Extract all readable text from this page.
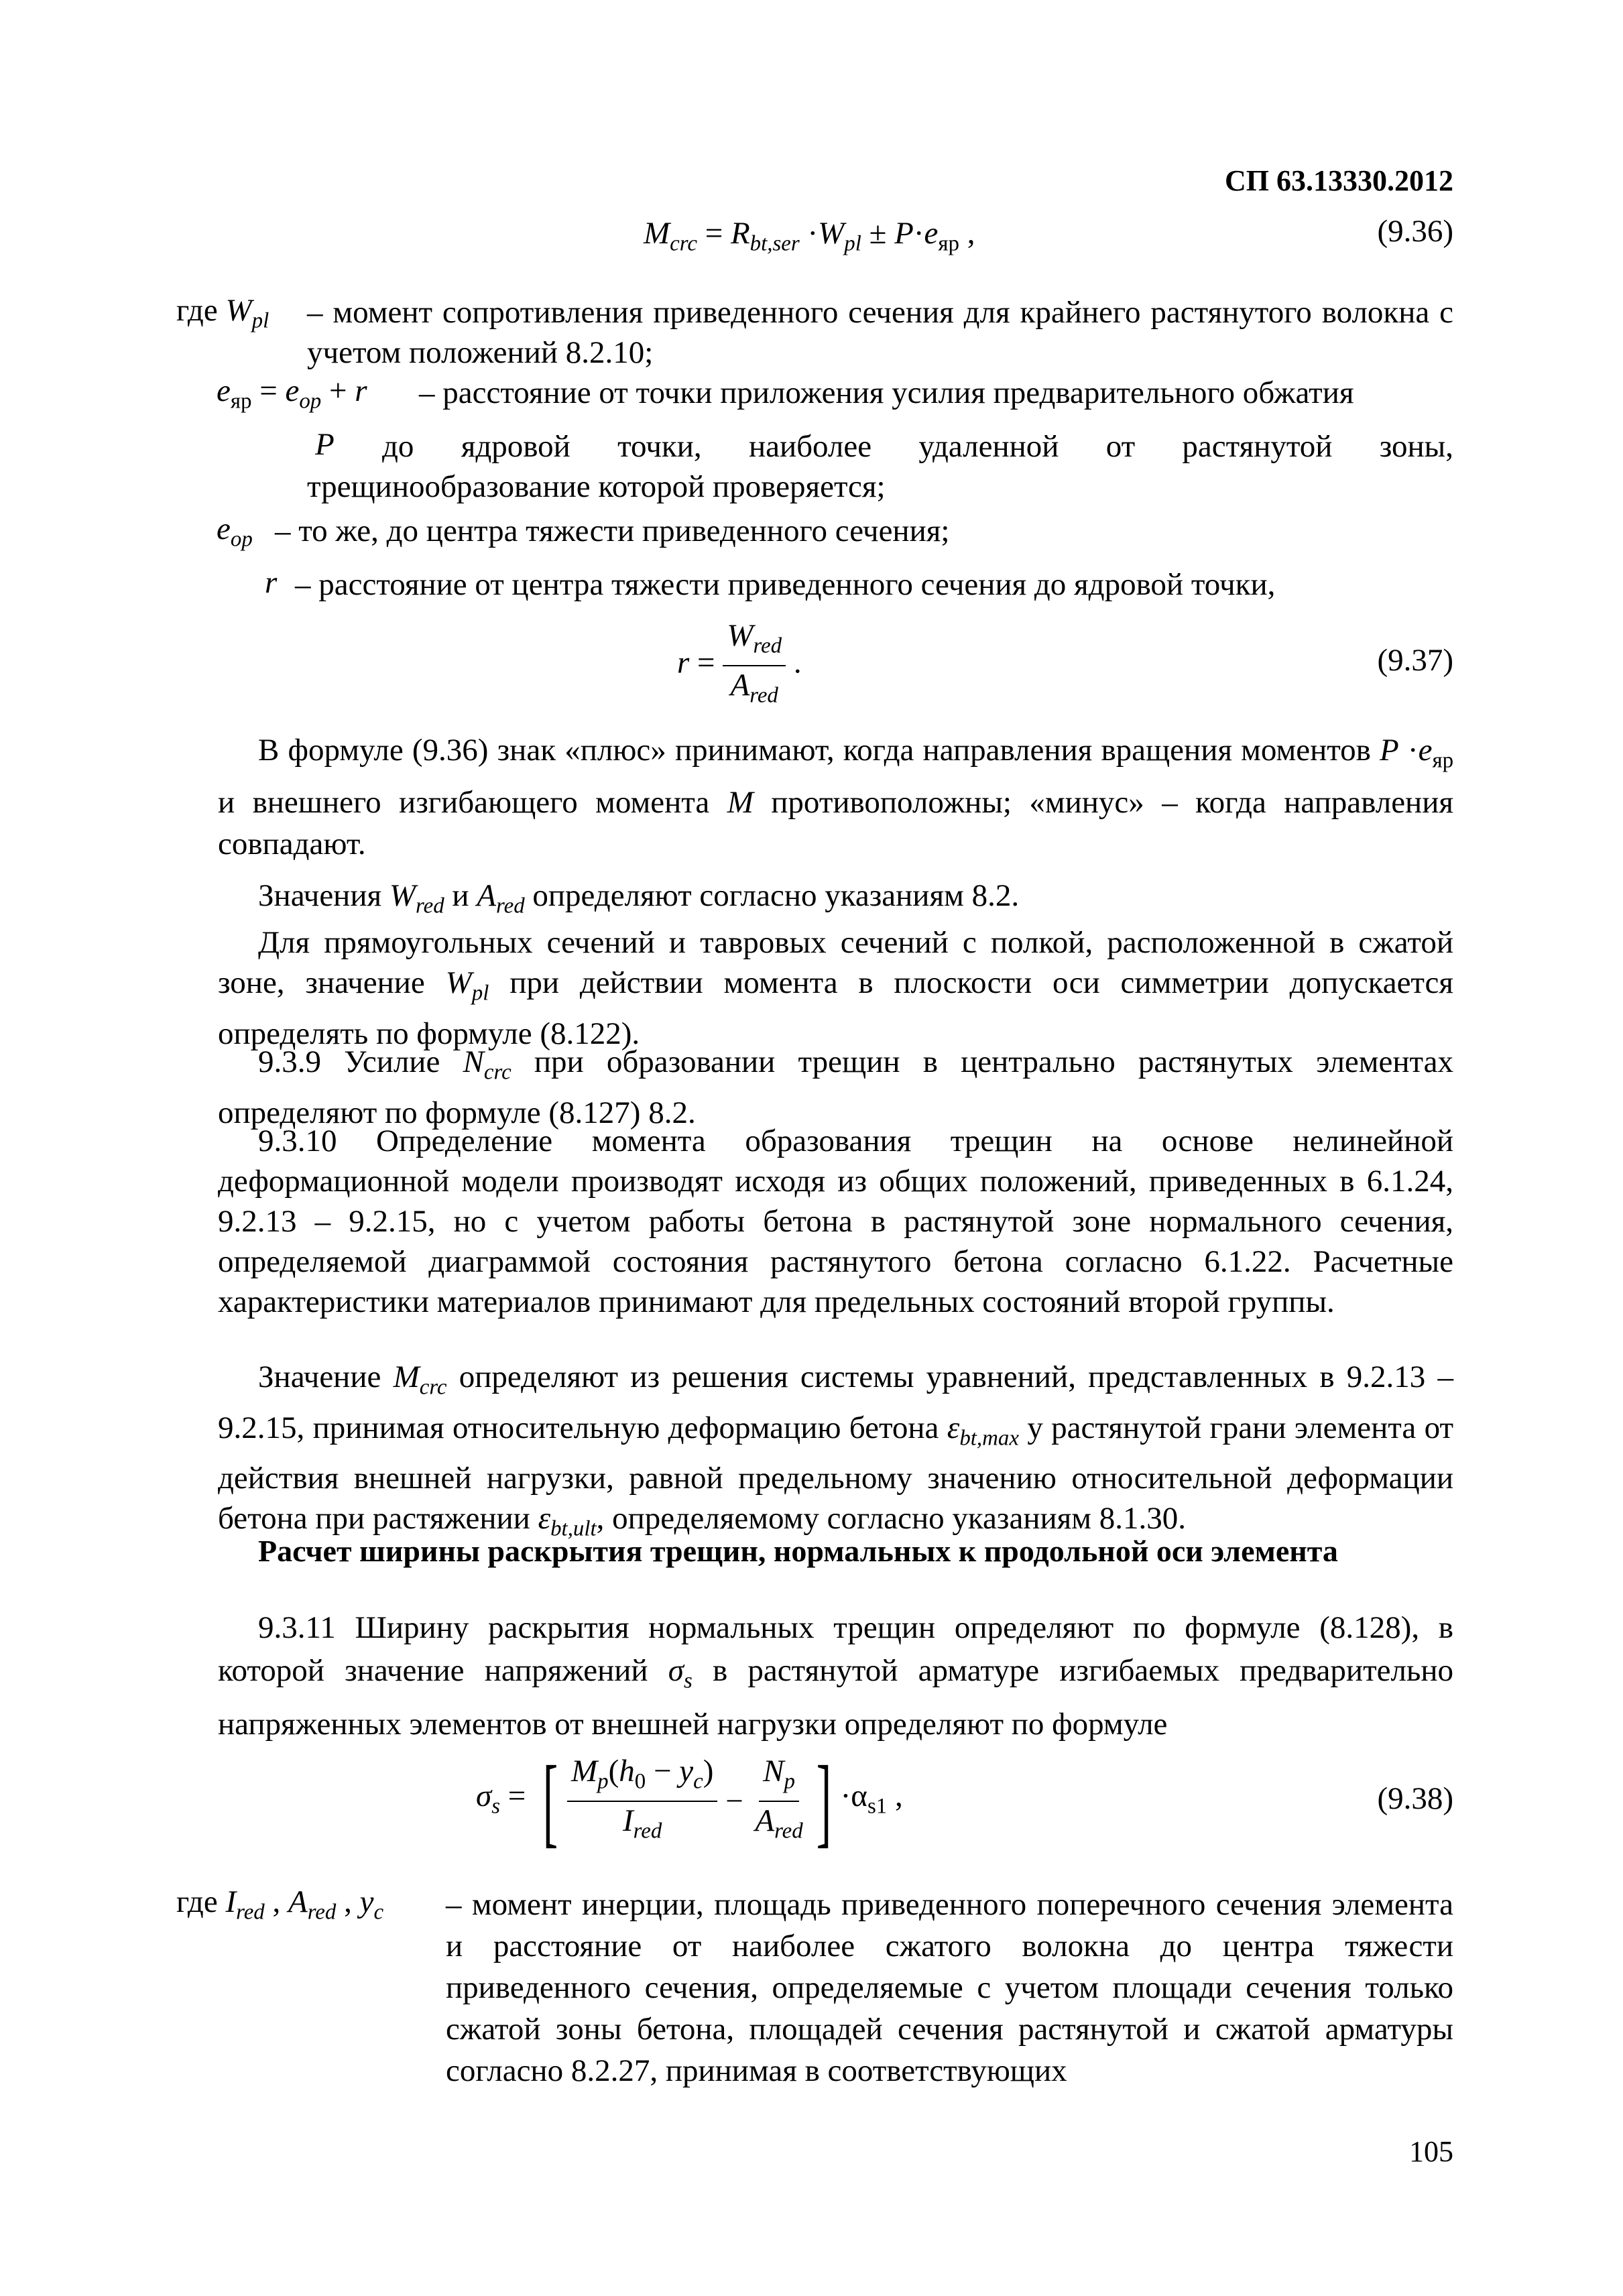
СП 63.13330.2012
$M_{crc} = R_{bt,ser} \cdot W_{pl} \pm P\cdot e_{яр}$ ,	(9.36)
где $W_{pl}$ – момент сопротивления приведенного сечения для крайнего растянутого волокна с учетом положений 8.2.10;
$e_{яр} = e_{op} + r$ – расстояние от точки приложения усилия предварительного обжатия
P	до ядровой точки, наиболее удаленной от растянутой зоны, трещинообразование которой проверяется;
$e_{op}$ – то же, до центра тяжести приведенного сечения;
r – расстояние от центра тяжести приведенного сечения до ядровой точки,
$r = \frac{W_{red}}{A_{red}}$ .	(9.37)
В формуле (9.36) знак «плюс» принимают, когда направления вращения моментов $P \cdot e_{яр}$ и внешнего изгибающего момента M противоположны; «минус» – когда направления совпадают.
Значения $W_{red}$ и $A_{red}$ определяют согласно указаниям 8.2.
Для прямоугольных сечений и тавровых сечений с полкой, расположенной в сжатой зоне, значение $W_{pl}$ при действии момента в плоскости оси симметрии допускается определять по формуле (8.122).
9.3.9 Усилие $N_{crc}$ при образовании трещин в центрально растянутых элементах определяют по формуле (8.127) 8.2.
9.3.10 Определение момента образования трещин на основе нелинейной деформационной модели производят исходя из общих положений, приведенных в 6.1.24, 9.2.13 – 9.2.15, но с учетом работы бетона в растянутой зоне нормального сечения, определяемой диаграммой состояния растянутого бетона согласно 6.1.22. Расчетные характеристики материалов принимают для предельных состояний второй группы.
Значение $M_{crc}$ определяют из решения системы уравнений, представленных в 9.2.13 – 9.2.15, принимая относительную деформацию бетона $\varepsilon_{bt,max}$ у растянутой грани элемента от действия внешней нагрузки, равной предельному значению относительной деформации бетона при растяжении $\varepsilon_{bt,ult}$, определяемому согласно указаниям 8.1.30.
Расчет ширины раскрытия трещин, нормальных к продольной оси элемента
9.3.11 Ширину раскрытия нормальных трещин определяют по формуле (8.128), в которой значение напряжений $\sigma_s$ в растянутой арматуре изгибаемых предварительно напряженных элементов от внешней нагрузки определяют по формуле
$\sigma_s$ = [ $\frac{M_p(h_0 - y_c)}{I_{red}} - \frac{N_p}{A_{red}}$ ] $\cdot\alpha_{s1}$ ,	(9.38)
где $I_{red}$ , $A_{red}$ , $y_c$ – момент инерции, площадь приведенного поперечного сечения элемента и расстояние от наиболее сжатого волокна до центра тяжести приведенного сечения, определяемые с учетом площади сечения только сжатой зоны бетона, площадей сечения растянутой и сжатой арматуры согласно 8.2.27, принимая в соответствующих
105
